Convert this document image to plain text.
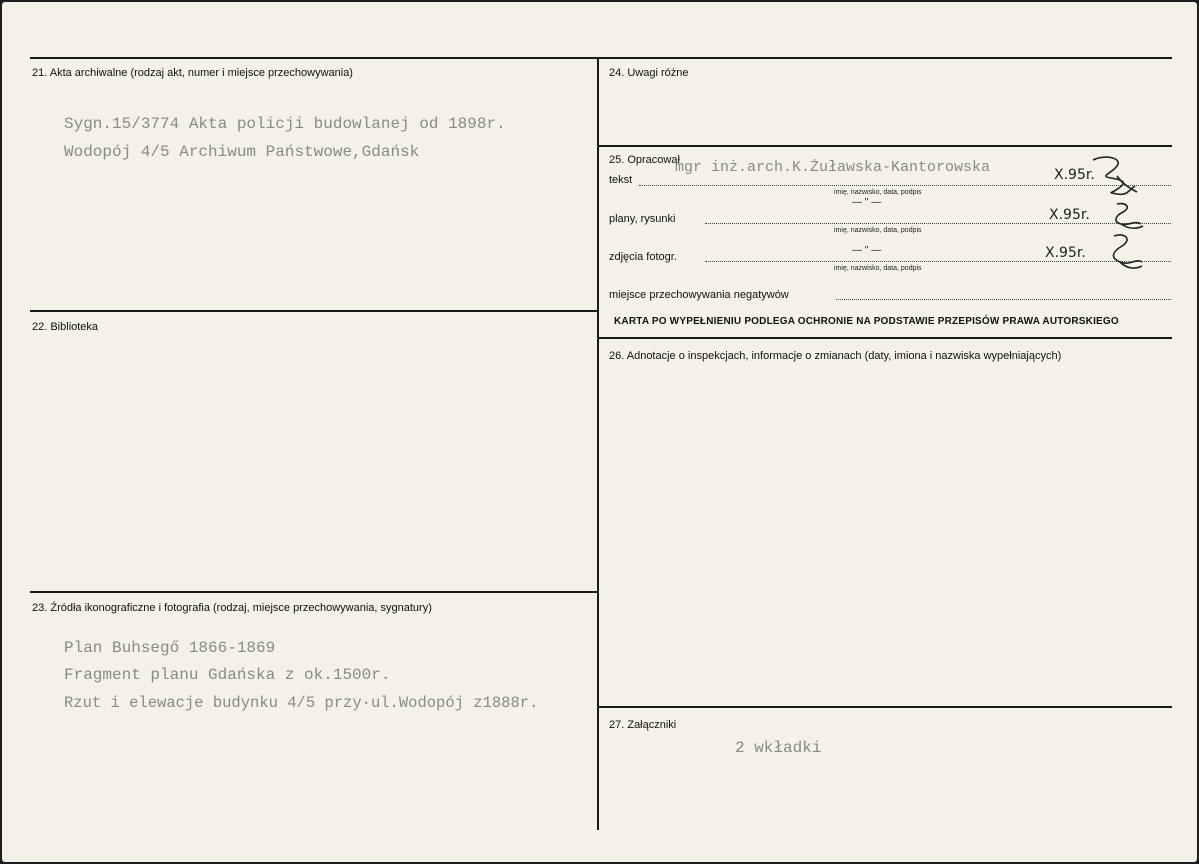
21. Akta archiwalne (rodzaj akt, numer i miejsce przechowywania)
Sygn.15/3774 Akta policji budowlanej od 1898r.
Wodopój 4/5 Archiwum Państwowe,Gdańsk
22. Biblioteka
23. Źródła ikonograficzne i fotografia (rodzaj, miejsce przechowywania, sygnatury)
Plan Buhsegő 1866-1869
Fragment planu Gdańska z ok.1500r.
Rzut i elewacje budynku 4/5 przy·ul.Wodopój z1888r.
24. Uwagi różne
25. Opracował
tekst
mgr inż.arch.K.Żuławska-Kantorowska	X.95r.
imię, nazwisko, data, podpis
— " —
plany, rysunki	X.95r.
imię, nazwisko, data, podpis
— " —
zdjęcia fotogr.	X.95r.
imię, nazwisko, data, podpis
miejsce przechowywania negatywów
KARTA PO WYPEŁNIENIU PODLEGA OCHRONIE NA PODSTAWIE PRZEPISÓW PRAWA AUTORSKIEGO
26. Adnotacje o inspekcjach, informacje o zmianach (daty, imiona i nazwiska wypełniających)
27. Załączniki
2 wkładki
